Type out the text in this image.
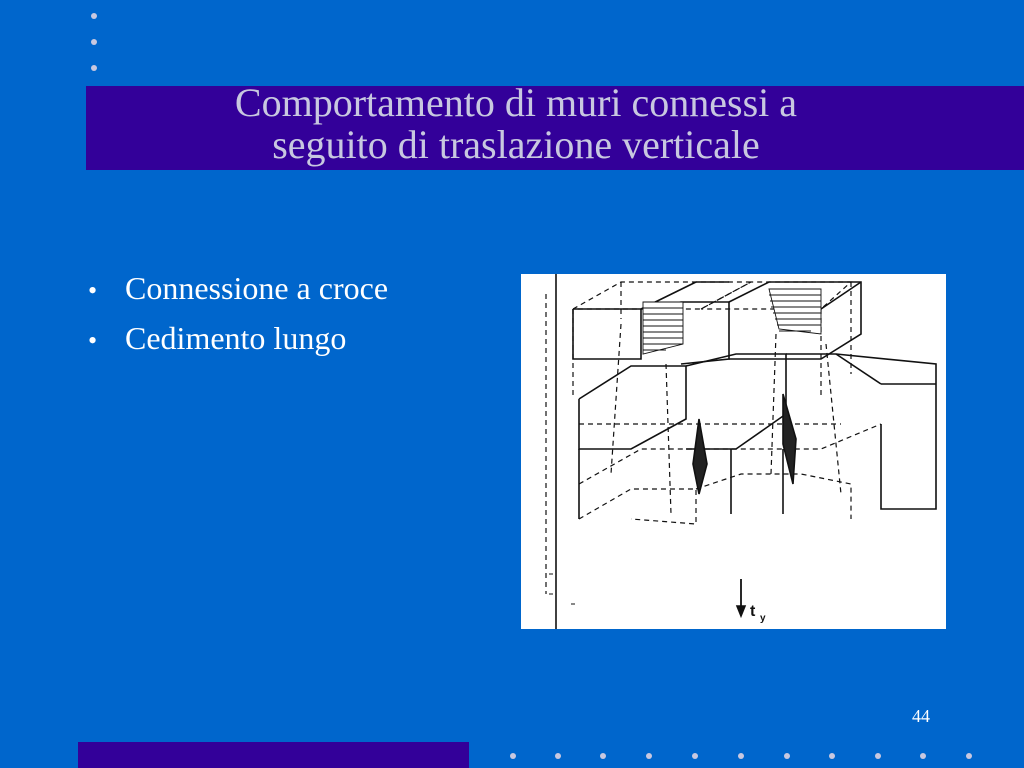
Comportamento di muri connessi a
seguito di traslazione verticale
• Connessione a croce
• Cedimento lungo
t y
44
